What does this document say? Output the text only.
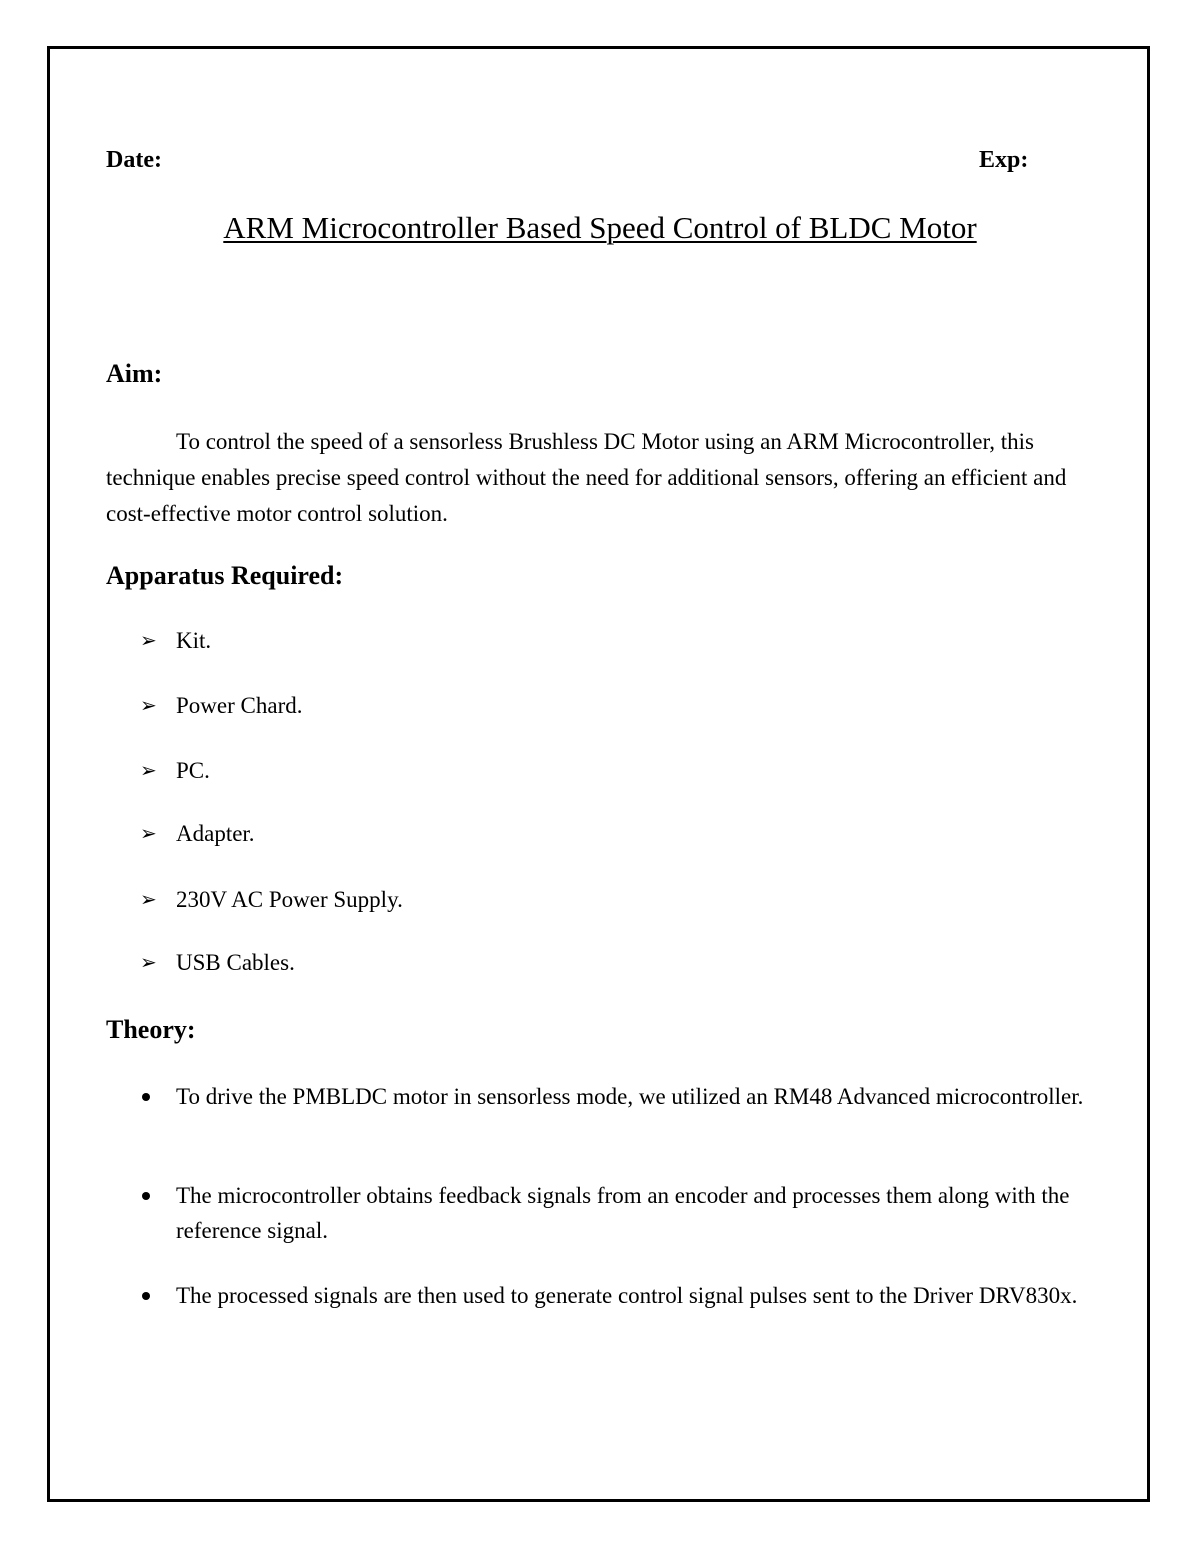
Date:	Exp:
ARM Microcontroller Based Speed Control of BLDC Motor
Aim:

To control the speed of a sensorless Brushless DC Motor using an ARM Microcontroller, this technique enables precise speed control without the need for additional sensors, offering an efficient and cost-effective motor control solution.

Apparatus Required:
➢ Kit.
➢ Power Chard.
➢ PC.
➢ Adapter.
➢ 230V AC Power Supply.
➢ USB Cables.
Theory:
To drive the PMBLDC motor in sensorless mode, we utilized an RM48 Advanced microcontroller.
The microcontroller obtains feedback signals from an encoder and processes them along with the reference signal.
The processed signals are then used to generate control signal pulses sent to the Driver DRV830x.
